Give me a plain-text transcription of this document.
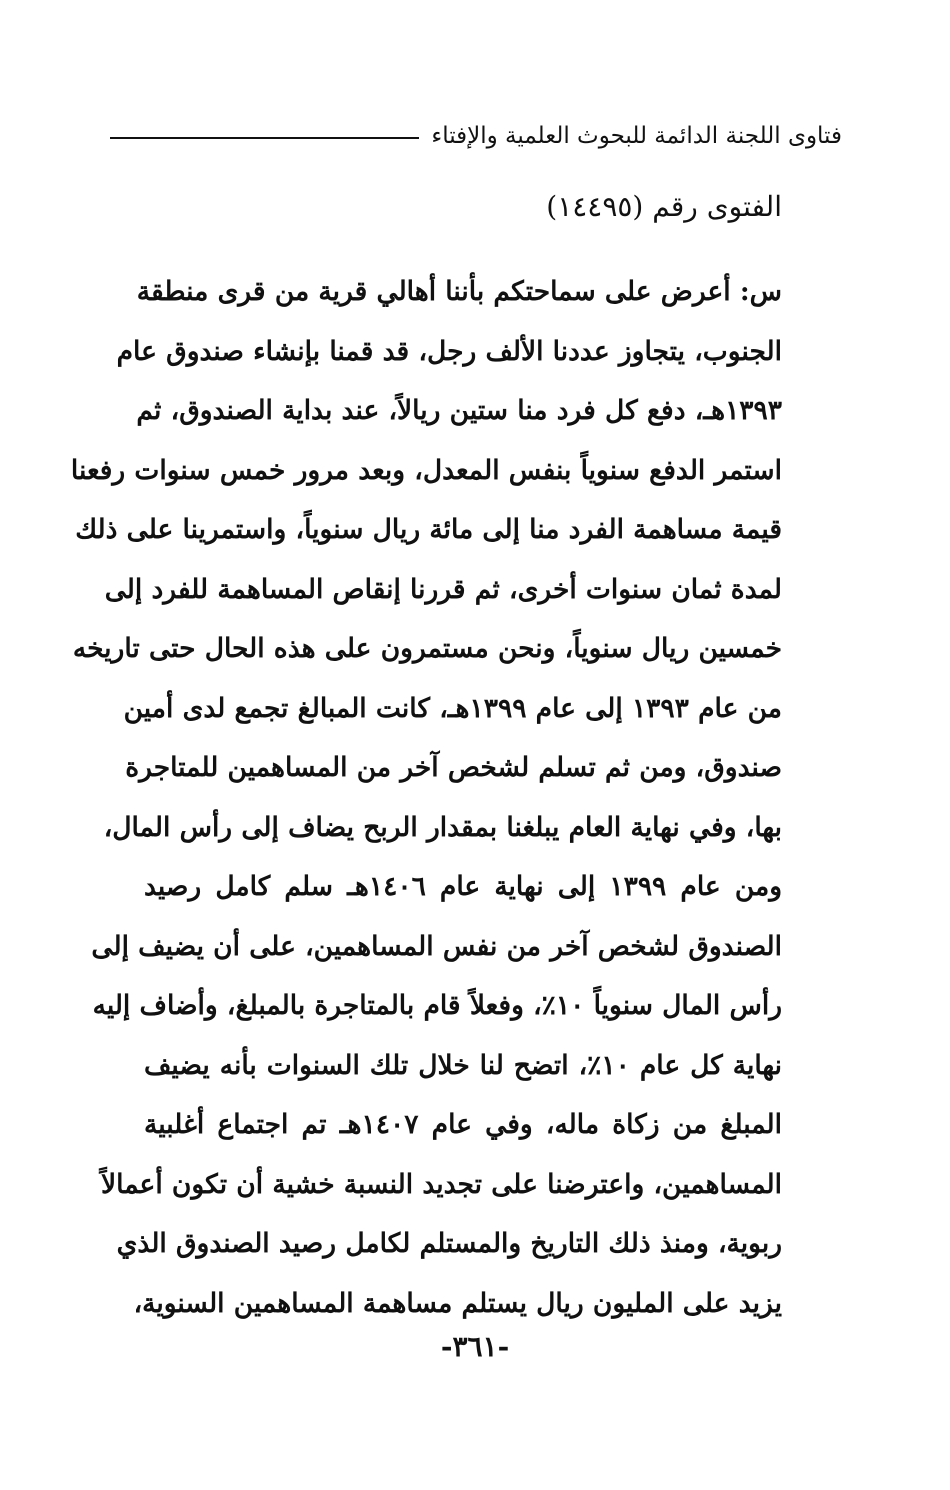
فتاوى اللجنة الدائمة للبحوث العلمية والإفتاء
الفتوى رقم (١٤٤٩٥)
س: أعرض على سماحتكم بأننا أهالي قرية من قرى منطقة
الجنوب، يتجاوز عددنا الألف رجل، قد قمنا بإنشاء صندوق عام
١٣٩٣هـ، دفع كل فرد منا ستين ريالاً، عند بداية الصندوق، ثم
استمر الدفع سنوياً بنفس المعدل، وبعد مرور خمس سنوات رفعنا
قيمة مساهمة الفرد منا إلى مائة ريال سنوياً، واستمرينا على ذلك
لمدة ثمان سنوات أخرى، ثم قررنا إنقاص المساهمة للفرد إلى
خمسين ريال سنوياً، ونحن مستمرون على هذه الحال حتى تاريخه
من عام ١٣٩٣ إلى عام ١٣٩٩هـ، كانت المبالغ تجمع لدى أمين
صندوق، ومن ثم تسلم لشخص آخر من المساهمين للمتاجرة
بها، وفي نهاية العام يبلغنا بمقدار الربح يضاف إلى رأس المال،
ومن عام ١٣٩٩ إلى نهاية عام ١٤٠٦هـ سلم كامل رصيد
الصندوق لشخص آخر من نفس المساهمين، على أن يضيف إلى
رأس المال سنوياً ١٠٪، وفعلاً قام بالمتاجرة بالمبلغ، وأضاف إليه
نهاية كل عام ١٠٪، اتضح لنا خلال تلك السنوات بأنه يضيف
المبلغ من زكاة ماله، وفي عام ١٤٠٧هـ تم اجتماع أغلبية
المساهمين، واعترضنا على تجديد النسبة خشية أن تكون أعمالاً
ربوية، ومنذ ذلك التاريخ والمستلم لكامل رصيد الصندوق الذي
يزيد على المليون ريال يستلم مساهمة المساهمين السنوية،
-٣٦١-
